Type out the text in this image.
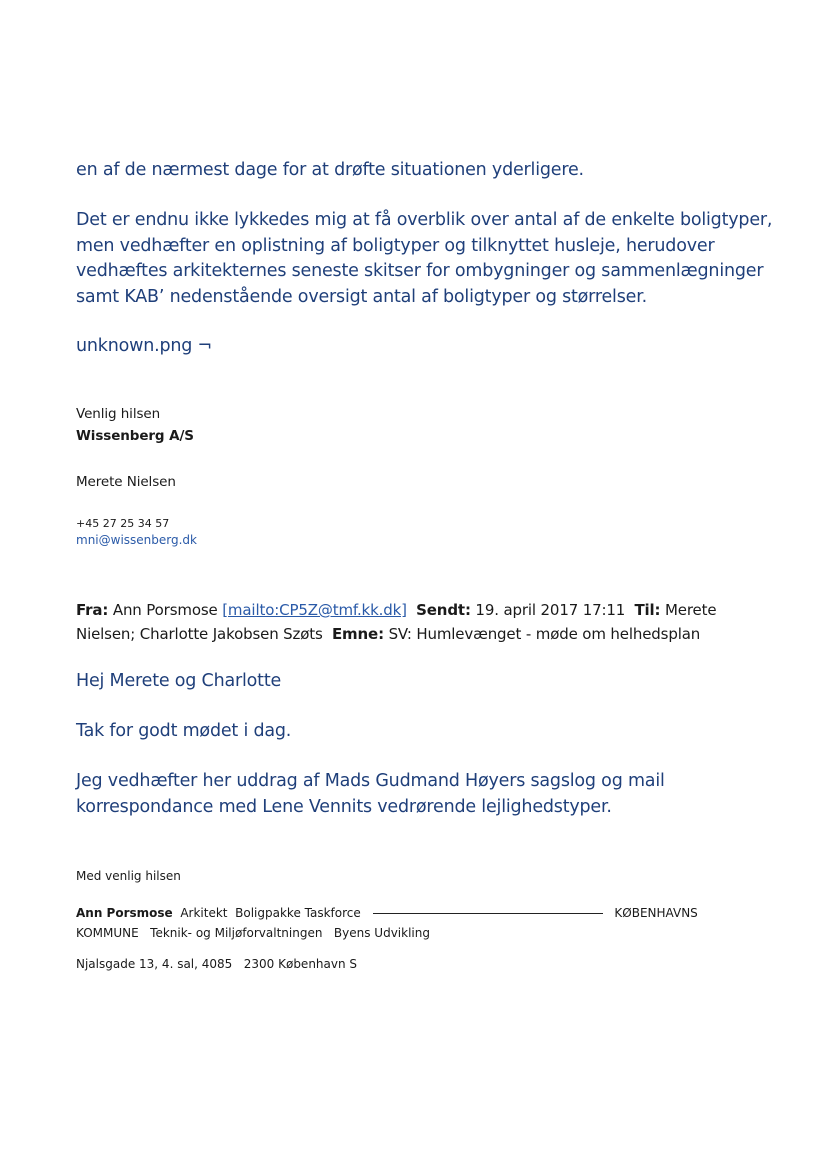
en af de nærmest dage for at drøfte situationen yderligere.
Det er endnu ikke lykkedes mig at få overblik over antal af de enkelte boligtyper,
men vedhæfter en oplistning af boligtyper og tilknyttet husleje, herudover
vedhæftes arkitekternes seneste skitser for ombygninger og sammenlægninger
samt KAB’ nedenstående oversigt antal af boligtyper og størrelser.
unknown.png ¬
Venlig hilsen
Wissenberg A/S
Merete Nielsen
+45 27 25 34 57
mni@wissenberg.dk
Fra: Ann Porsmose [mailto:CP5Z@tmf.kk.dk] Sendt: 19. april 2017 17:11 Til: Merete
Nielsen; Charlotte Jakobsen Szøts Emne: SV: Humlevænget - møde om helhedsplan
Hej Merete og Charlotte
Tak for godt mødet i dag.
Jeg vedhæfter her uddrag af Mads Gudmand Høyers sagslog og mail
korrespondance med Lene Vennits vedrørende lejlighedstyper.
Med venlig hilsen
Ann Porsmose Arkitekt Boligpakke Taskforce	KØBENHAVNS
KOMMUNE Teknik- og Miljøforvaltningen Byens Udvikling
Njalsgade 13, 4. sal, 4085   2300 København S
